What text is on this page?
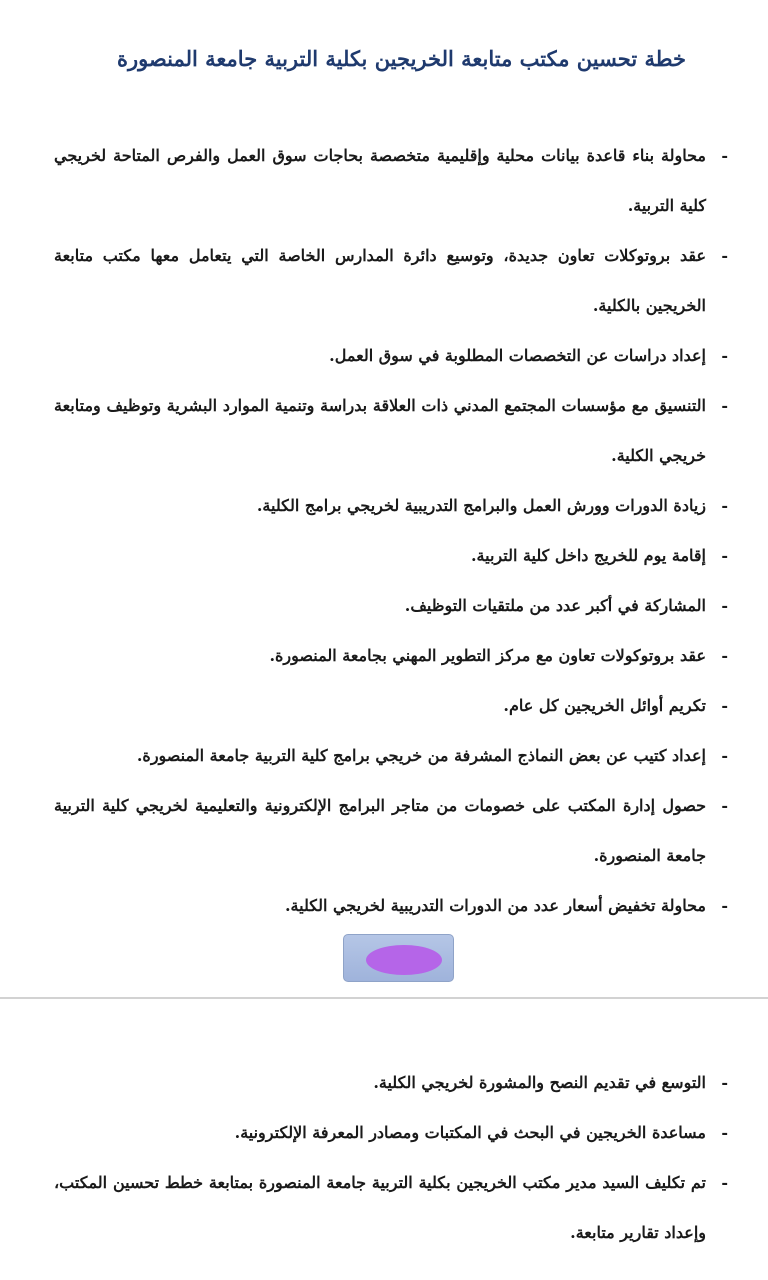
خطة تحسين مكتب متابعة الخريجين بكلية التربية جامعة المنصورة
- محاولة بناء قاعدة بيانات محلية وإقليمية متخصصة بحاجات سوق العمل والفرص المتاحة لخريجي كلية التربية.
- عقد بروتوكلات تعاون جديدة، وتوسيع دائرة المدارس الخاصة التي يتعامل معها مكتب متابعة الخريجين بالكلية.
- إعداد دراسات عن التخصصات المطلوبة في سوق العمل.
- التنسيق مع مؤسسات المجتمع المدني ذات العلاقة بدراسة وتنمية الموارد البشرية وتوظيف ومتابعة خريجي الكلية.
- زيادة الدورات وورش العمل والبرامج التدريبية لخريجي برامج الكلية.
- إقامة يوم للخريج داخل كلية التربية.
- المشاركة في أكبر عدد من ملتقيات التوظيف.
- عقد بروتوكولات تعاون مع مركز التطوير المهني بجامعة المنصورة.
- تكريم أوائل الخريجين كل عام.
- إعداد كتيب عن بعض النماذج المشرفة من خريجي برامج كلية التربية جامعة المنصورة.
- حصول إدارة المكتب على خصومات من متاجر البرامج الإلكترونية والتعليمية لخريجي كلية التربية جامعة المنصورة.
- محاولة تخفيض أسعار عدد من الدورات التدريبية لخريجي الكلية.
- التوسع في تقديم النصح والمشورة لخريجي الكلية.
- مساعدة الخريجين في البحث في المكتبات ومصادر المعرفة الإلكترونية.
- تم تكليف السيد مدير مكتب الخريجين بكلية التربية جامعة المنصورة بمتابعة خطط تحسين المكتب، وإعداد تقارير متابعة.
